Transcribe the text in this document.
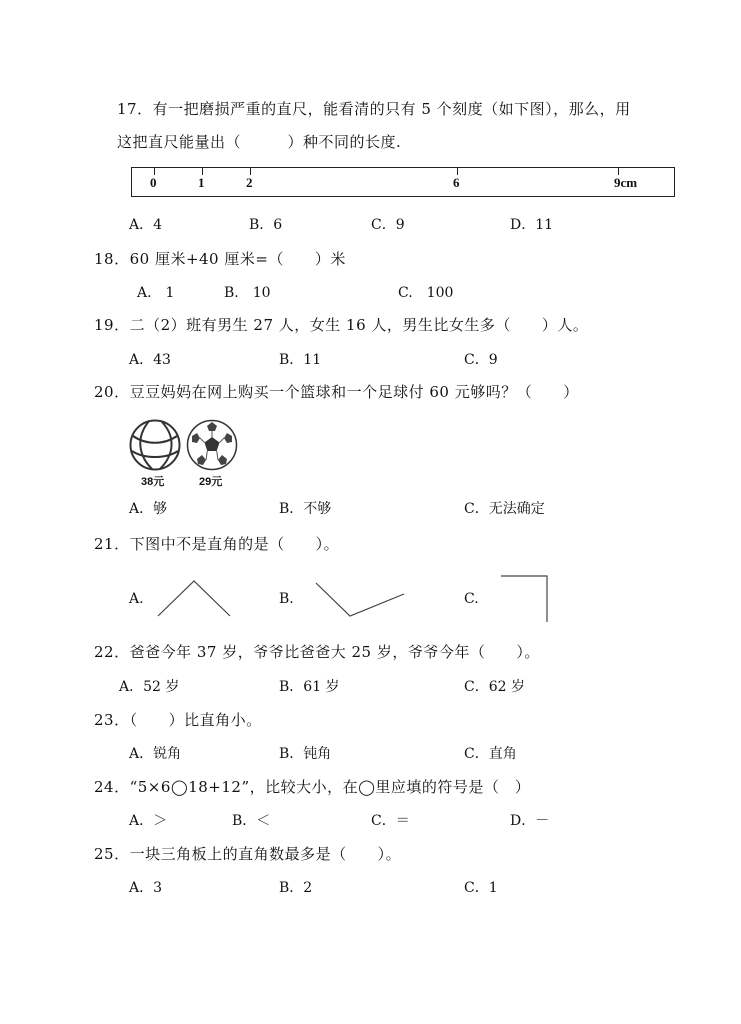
17．有一把磨损严重的直尺，能看清的只有 5 个刻度（如下图），那么，用
这把直尺能量出（　　　）种不同的长度.
0	1	2	6	9cm
A．4	B．6	C．9	D．11
18．60 厘米+40 厘米=（　　）米
A.　1	B.　10	C.　100
19．二（2）班有男生 27 人，女生 16 人，男生比女生多（　　）人。
A．43	B．11	C．9
20．豆豆妈妈在网上购买一个篮球和一个足球付 60 元够吗？（　　）
38元	29元
A．够	B．不够	C．无法确定
21．下图中不是直角的是（　　）。
A.	B.	C.
22．爸爸今年 37 岁，爷爷比爸爸大 25 岁，爷爷今年（　　）。
A．52 岁	B．61 岁	C．62 岁
23．（　　）比直角小。
A．锐角	B．钝角	C．直角
24．“5×6◯18+12”，比较大小，在◯里应填的符号是（　）
A．＞	B．＜	C．＝	D．－
25．一块三角板上的直角数最多是（　　）。
A．3	B．2	C．1
